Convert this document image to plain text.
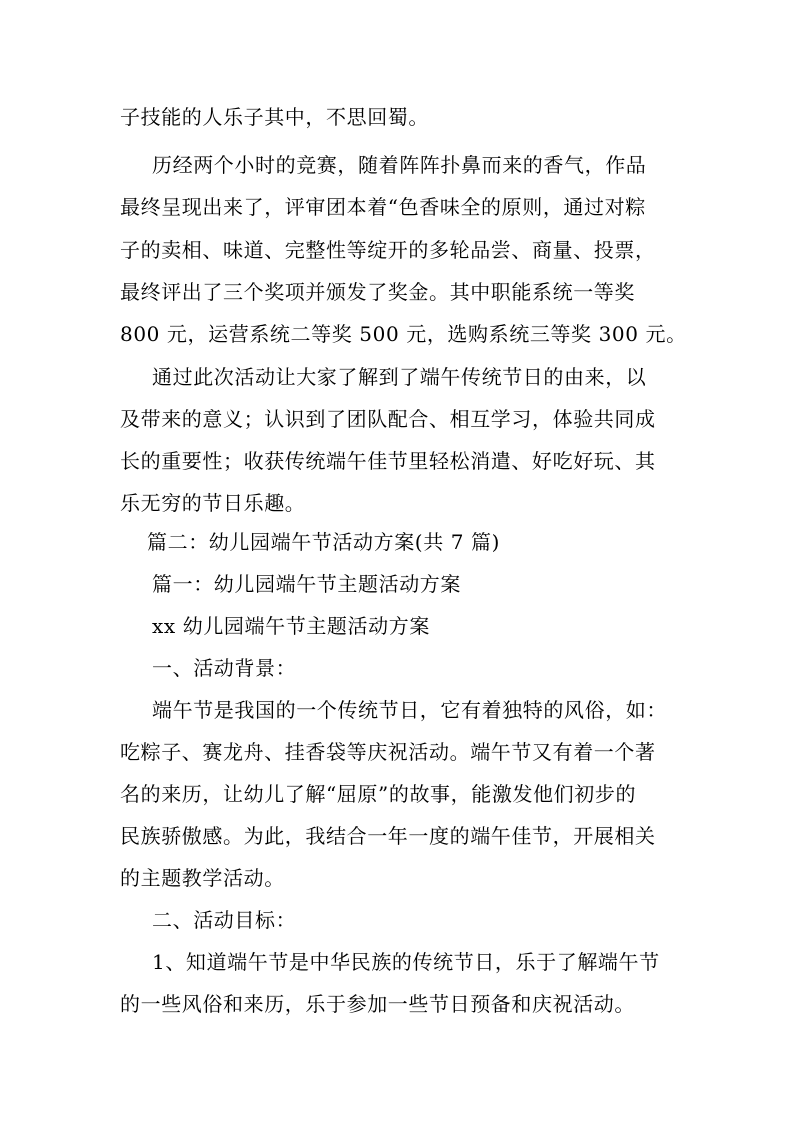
子技能的人乐子其中，不思回蜀。
历经两个小时的竞赛，随着阵阵扑鼻而来的香气，作品
最终呈现出来了，评审团本着“色香味全的原则，通过对粽
子的卖相、味道、完整性等绽开的多轮品尝、商量、投票，
最终评出了三个奖项并颁发了奖金。其中职能系统一等奖
800 元，运营系统二等奖 500 元，选购系统三等奖 300 元。
通过此次活动让大家了解到了端午传统节日的由来，以
及带来的意义；认识到了团队配合、相互学习，体验共同成
长的重要性；收获传统端午佳节里轻松消遣、好吃好玩、其
乐无穷的节日乐趣。
篇二：幼儿园端午节活动方案(共 7 篇)
篇一：幼儿园端午节主题活动方案
xx 幼儿园端午节主题活动方案
一、活动背景：
端午节是我国的一个传统节日，它有着独特的风俗，如：
吃粽子、赛龙舟、挂香袋等庆祝活动。端午节又有着一个著
名的来历，让幼儿了解“屈原”的故事，能激发他们初步的
民族骄傲感。为此，我结合一年一度的端午佳节，开展相关
的主题教学活动。
二、活动目标：
1、知道端午节是中华民族的传统节日，乐于了解端午节
的一些风俗和来历，乐于参加一些节日预备和庆祝活动。
